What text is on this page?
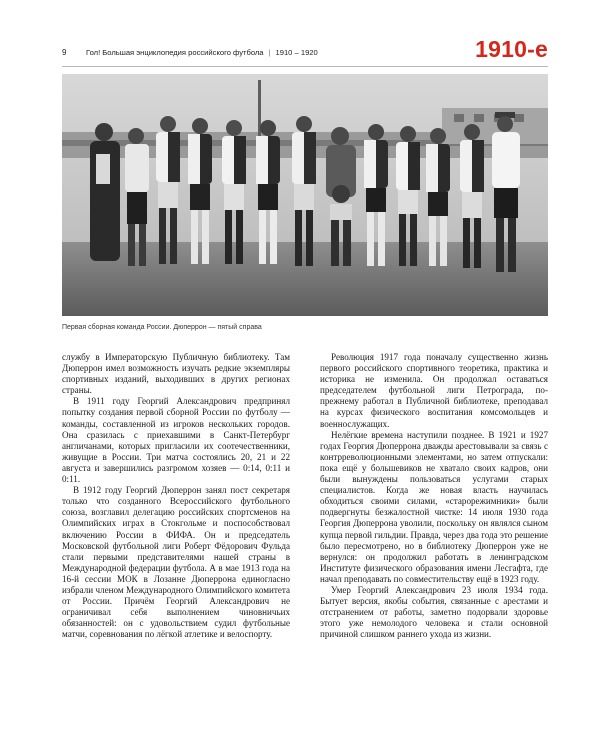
9	Гол! Большая энциклопедия российского футбола | 1910 – 1920	1910-е
Первая сборная команда России. Дюперрон — пятый справа

службу в Императорскую Публичную библиотеку. Там Дюперрон имел возможность изучать редкие экземпляры спортивных изданий, выходивших в других регионах страны.

В 1911 году Георгий Александрович предпринял попытку создания первой сборной России по футболу — команды, составленной из игроков нескольких городов. Она сразилась с приехавшими в Санкт-Петербург англичанами, которых пригласили их соотечественники, живущие в России. Три матча состоялись 20, 21 и 22 августа и завершились разгромом хозяев — 0:14, 0:11 и 0:11.

В 1912 году Георгий Дюперрон занял пост секретаря только что созданного Всероссийского футбольного союза, возглавил делегацию российских спортсменов на Олимпийских играх в Стокгольме и поспособствовал включению России в ФИФА. Он и председатель Московской футбольной лиги Роберт Фёдорович Фульда стали первыми представителями нашей страны в Международной федерации футбола. А в мае 1913 года на 16-й сессии МОК в Лозанне Дюперрона единогласно избрали членом Международного Олимпийского комитета от России. Причём Георгий Александрович не ограничивал себя выполнением чиновничьих обязанностей: он с удовольствием судил футбольные матчи, соревнования по лёгкой атлетике и велоспорту.

Революция 1917 года поначалу существенно жизнь первого российского спортивного теоретика, практика и историка не изменила. Он продолжал оставаться председателем футбольной лиги Петрограда, по-прежнему работал в Публичной библиотеке, преподавал на курсах физического воспитания комсомольцев и военнослужащих.

Нелёгкие времена наступили позднее. В 1921 и 1927 годах Георгия Дюперрона дважды арестовывали за связь с контрреволюционными элементами, но затем отпускали: пока ещё у большевиков не хватало своих кадров, они были вынуждены пользоваться услугами старых специалистов. Когда же новая власть научилась обходиться своими силами, «старорежимники» были подвергнуты безжалостной чистке: 14 июля 1930 года Георгия Дюперрона уволили, поскольку он являлся сыном купца первой гильдии. Правда, через два года это решение было пересмотрено, но в библиотеку Дюперрон уже не вернулся: он продолжил работать в ленинградском Институте физического образования имени Лесгафта, где начал преподавать по совместительству ещё в 1923 году.

Умер Георгий Александрович 23 июля 1934 года. Бытует версия, якобы события, связанные с арестами и отстранением от работы, заметно подорвали здоровье этого уже немолодого человека и стали основной причиной слишком раннего ухода из жизни.
